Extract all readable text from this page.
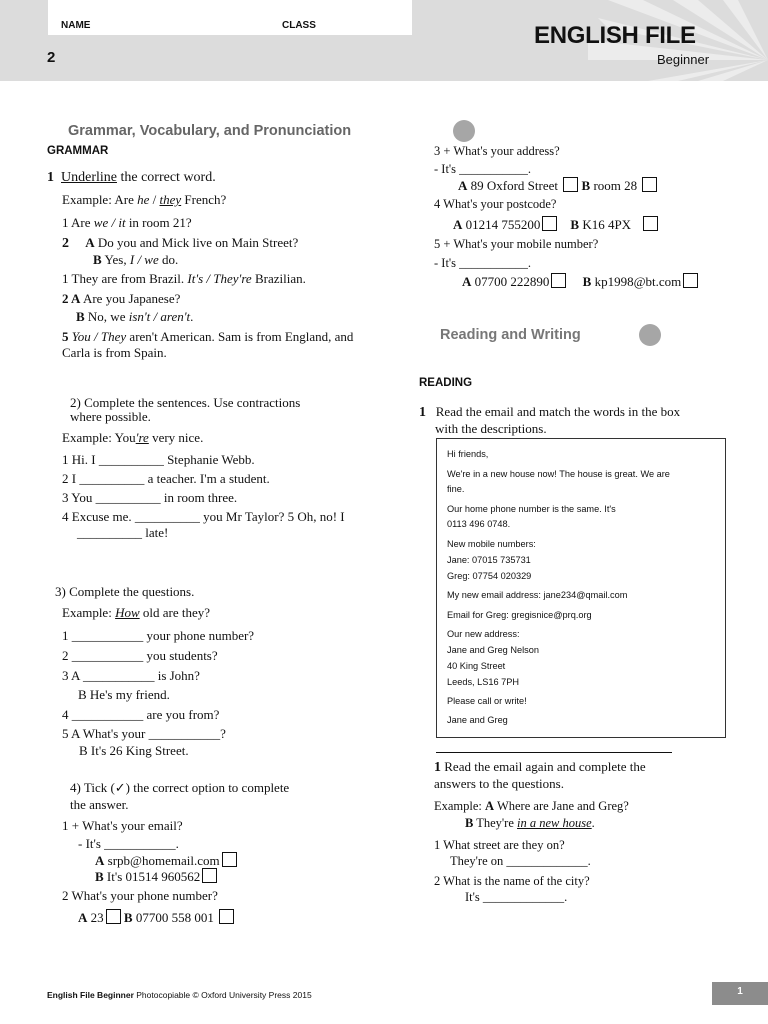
NAME	CLASS
2
ENGLISH FILE
Beginner
Grammar, Vocabulary, and Pronunciation
GRAMMAR
1 Underline the correct word.
Example: Are he / they French?
1 Are we / it in room 21?
2 A Do you and Mick live on Main Street?
B Yes, I / we do.
1 They are from Brazil. It's / They're Brazilian.
2 A Are you Japanese?
B No, we isn't / aren't.
5 You / They aren't American. Sam is from England, and
Carla is from Spain.
2) Complete the sentences. Use contractions
where possible.
Example: You're very nice.
1 Hi. I __________ Stephanie Webb.
2 I __________ a teacher. I'm a student.
3 You __________ in room three.
4 Excuse me. __________ you Mr Taylor? 5 Oh, no! I
__________ late!
3) Complete the questions.
Example: How old are they?
1 ___________ your phone number?
2 ___________ you students?
3 A ___________ is John?
B He's my friend.
4 ___________ are you from?
5 A What's your ___________?
B It's 26 King Street.
4) Tick (✓) the correct option to complete
the answer.
1 + What's your email?
- It's ___________.
A srpb@homemail.com
B It's 01514 960562
2 What's your phone number?
A 23 B 07700 558 001
3 + What's your address?
- It's ___________.
A 89 Oxford Street B room 28
4 What's your postcode?
A 01214 755200 B K16 4PX
5 + What's your mobile number?
- It's ___________.
A 07700 222890	B kp1998@bt.com
Reading and Writing
READING
1 Read the email and match the words in the box
with the descriptions.
Hi friends,
We're in a new house now! The house is great. We are
fine.
Our home phone number is the same. It's
0113 496 0748.
New mobile numbers:
Jane: 07015 735731
Greg: 07754 020329
My new email address: jane234@qmail.com
Email for Greg: gregisnice@prq.org
Our new address:
Jane and Greg Nelson
40 King Street
Leeds, LS16 7PH
Please call or write!
Jane and Greg
1 Read the email again and complete the
answers to the questions.
Example: A Where are Jane and Greg?
B They're in a new house.
1 What street are they on?
They're on _____________.
2 What is the name of the city?
It's _____________.
English File Beginner Photocopiable © Oxford University Press 2015	1
